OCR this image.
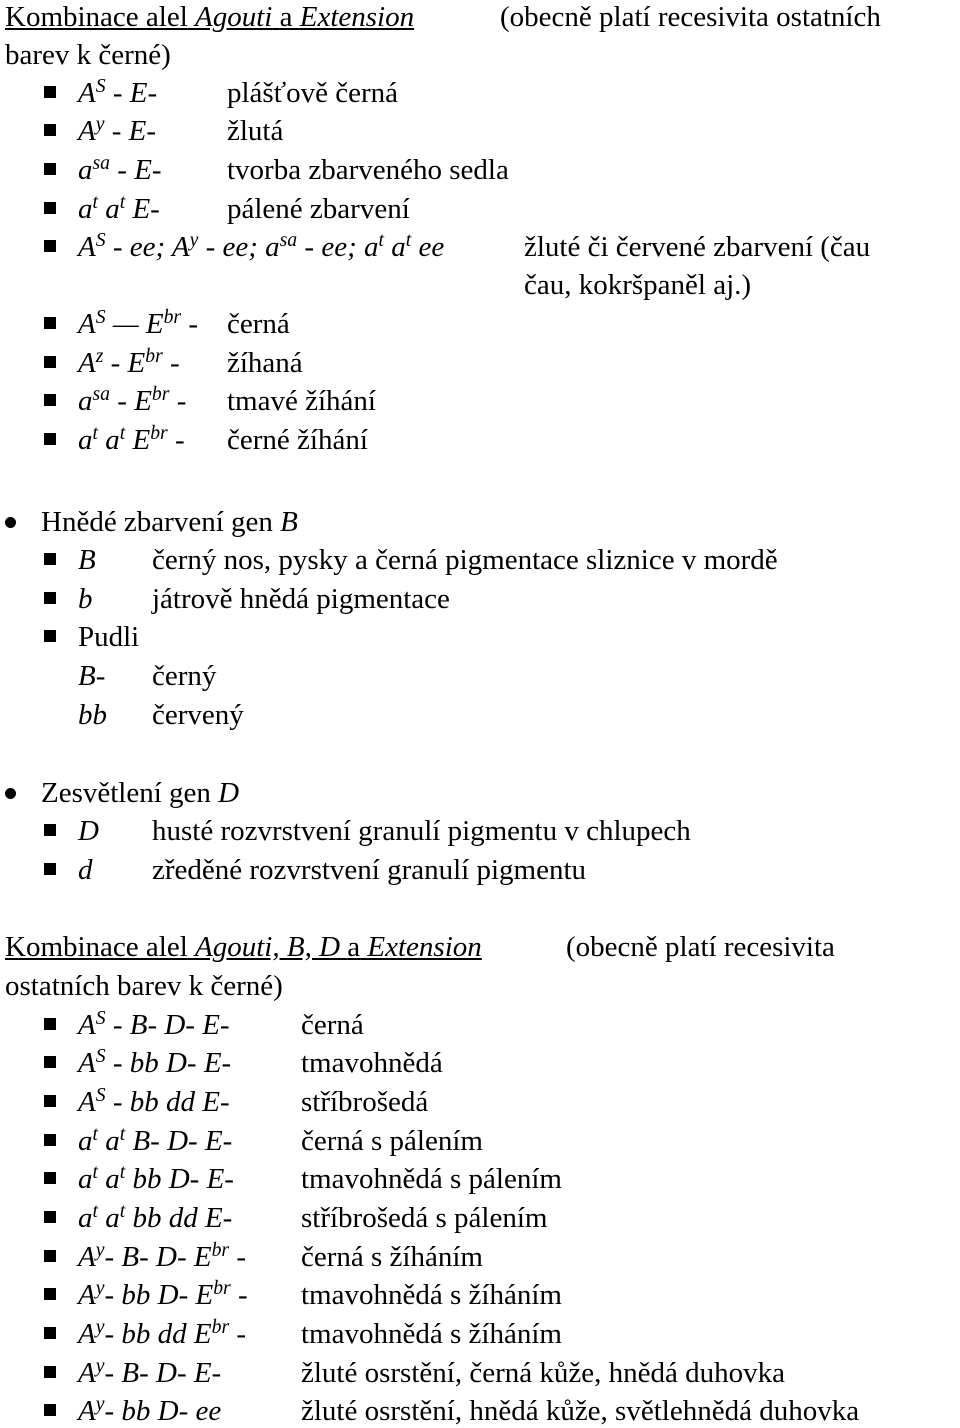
Kombinace alel Agouti a Extension	(obecně platí recesivita ostatních
barev k černé)
$A^S - E-$ plášťově černá
$A^y - E-$ žlutá
$a^{sa} - E-$ tvorba zbarveného sedla
$a^t$ $a^t$ E- pálené zbarvení
$A^S$ - ee; $A^y$ - ee; $a^{sa}$ - ee; $a^t$ $a^t$ ee	žluté či červené zbarvení (čau
čau, kokršpaněl aj.)
$A^S$ — $E^{br}$ - černá
$A^z - E^{br}$ - žíhaná
$a^{sa} - E^{br}$ - tmavé žíhání
$a^t$ $a^t$ $E^{br}$ - černé žíhání
Hnědé zbarvení gen B
B černý nos, pysky a černá pigmentace sliznice v mordě
b játrově hnědá pigmentace
Pudli
B- černý
bb červený
Zesvětlení gen D
D husté rozvrstvení granulí pigmentu v chlupech
d zředěné rozvrstvení granulí pigmentu
Kombinace alel Agouti, B, D a Extension	(obecně platí recesivita
ostatních barev k černé)
$A^S - B-$ D- E- černá
$A^S$ - bb D- E- tmavohnědá
$A^S$ - bb dd E- stříbrošedá
$a^t$ $a^t$ B- D- E- černá s pálením
$a^t$ $a^t$ bb D- E- tmavohnědá s pálením
$a^t$ $a^t$ bb dd E- stříbrošedá s pálením
$A^y-$ B- D- $E^{br}$ - černá s žíháním
$A^y-$ bb D- $E^{br}$ - tmavohnědá s žíháním
$A^y-$ bb dd $E^{br}$ - tmavohnědá s žíháním
$A^y-$ B- D- E-	žluté osrstění, černá kůže, hnědá duhovka
$A^y-$ bb D- ee	žluté osrstění, hnědá kůže, světlehnědá duhovka
